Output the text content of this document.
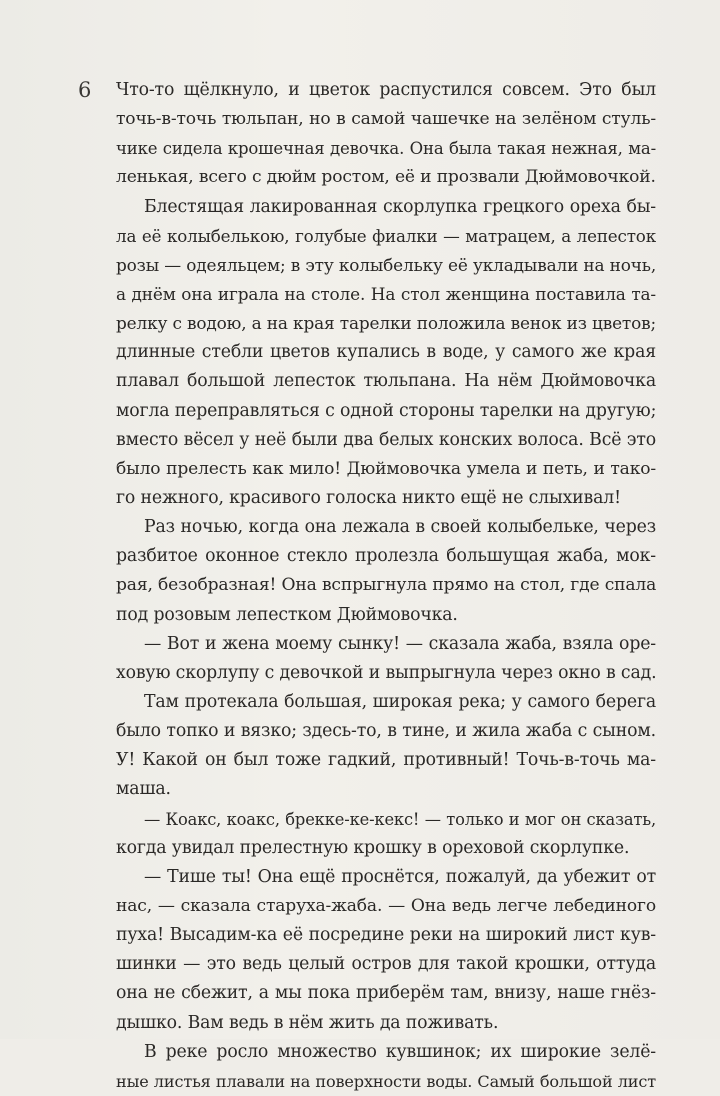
6 Что-то щёлкнуло, и цветок распустился совсем. Это был
точь-в-точь тюльпан, но в самой чашечке на зелёном стуль-
чике сидела крошечная девочка. Она была такая нежная, ма-
ленькая, всего с дюйм ростом, её и прозвали Дюймовочкой.
Блестящая лакированная скорлупка грецкого ореха бы-
ла её колыбелькою, голубые фиалки — матрацем, а лепесток
розы — одеяльцем; в эту колыбельку её укладывали на ночь,
а днём она играла на столе. На стол женщина поставила та-
релку с водою, а на края тарелки положила венок из цветов;
длинные стебли цветов купались в воде, у самого же края
плавал большой лепесток тюльпана. На нём Дюймовочка
могла переправляться с одной стороны тарелки на другую;
вместо вёсел у неё были два белых конских волоса. Всё это
было прелесть как мило! Дюймовочка умела и петь, и тако-
го нежного, красивого голоска никто ещё не слыхивал!
Раз ночью, когда она лежала в своей колыбельке, через
разбитое оконное стекло пролезла большущая жаба, мок-
рая, безобразная! Она вспрыгнула прямо на стол, где спала
под розовым лепестком Дюймовочка.
— Вот и жена моему сынку! — сказала жаба, взяла оре-
ховую скорлупу с девочкой и выпрыгнула через окно в сад.
Там протекала большая, широкая река; у самого берега
было топко и вязко; здесь-то, в тине, и жила жаба с сыном.
У! Какой он был тоже гадкий, противный! Точь-в-точь ма-
маша.
— Коакс, коакс, брекке-ке-кекс! — только и мог он сказать,
когда увидал прелестную крошку в ореховой скорлупке.
— Тише ты! Она ещё проснётся, пожалуй, да убежит от
нас, — сказала старуха-жаба. — Она ведь легче лебединого
пуха! Высадим-ка её посредине реки на широкий лист кув-
шинки — это ведь целый остров для такой крошки, оттуда
она не сбежит, а мы пока приберём там, внизу, наше гнёз-
дышко. Вам ведь в нём жить да поживать.
В реке росло множество кувшинок; их широкие зелё-
ные листья плавали на поверхности воды. Самый большой лист
